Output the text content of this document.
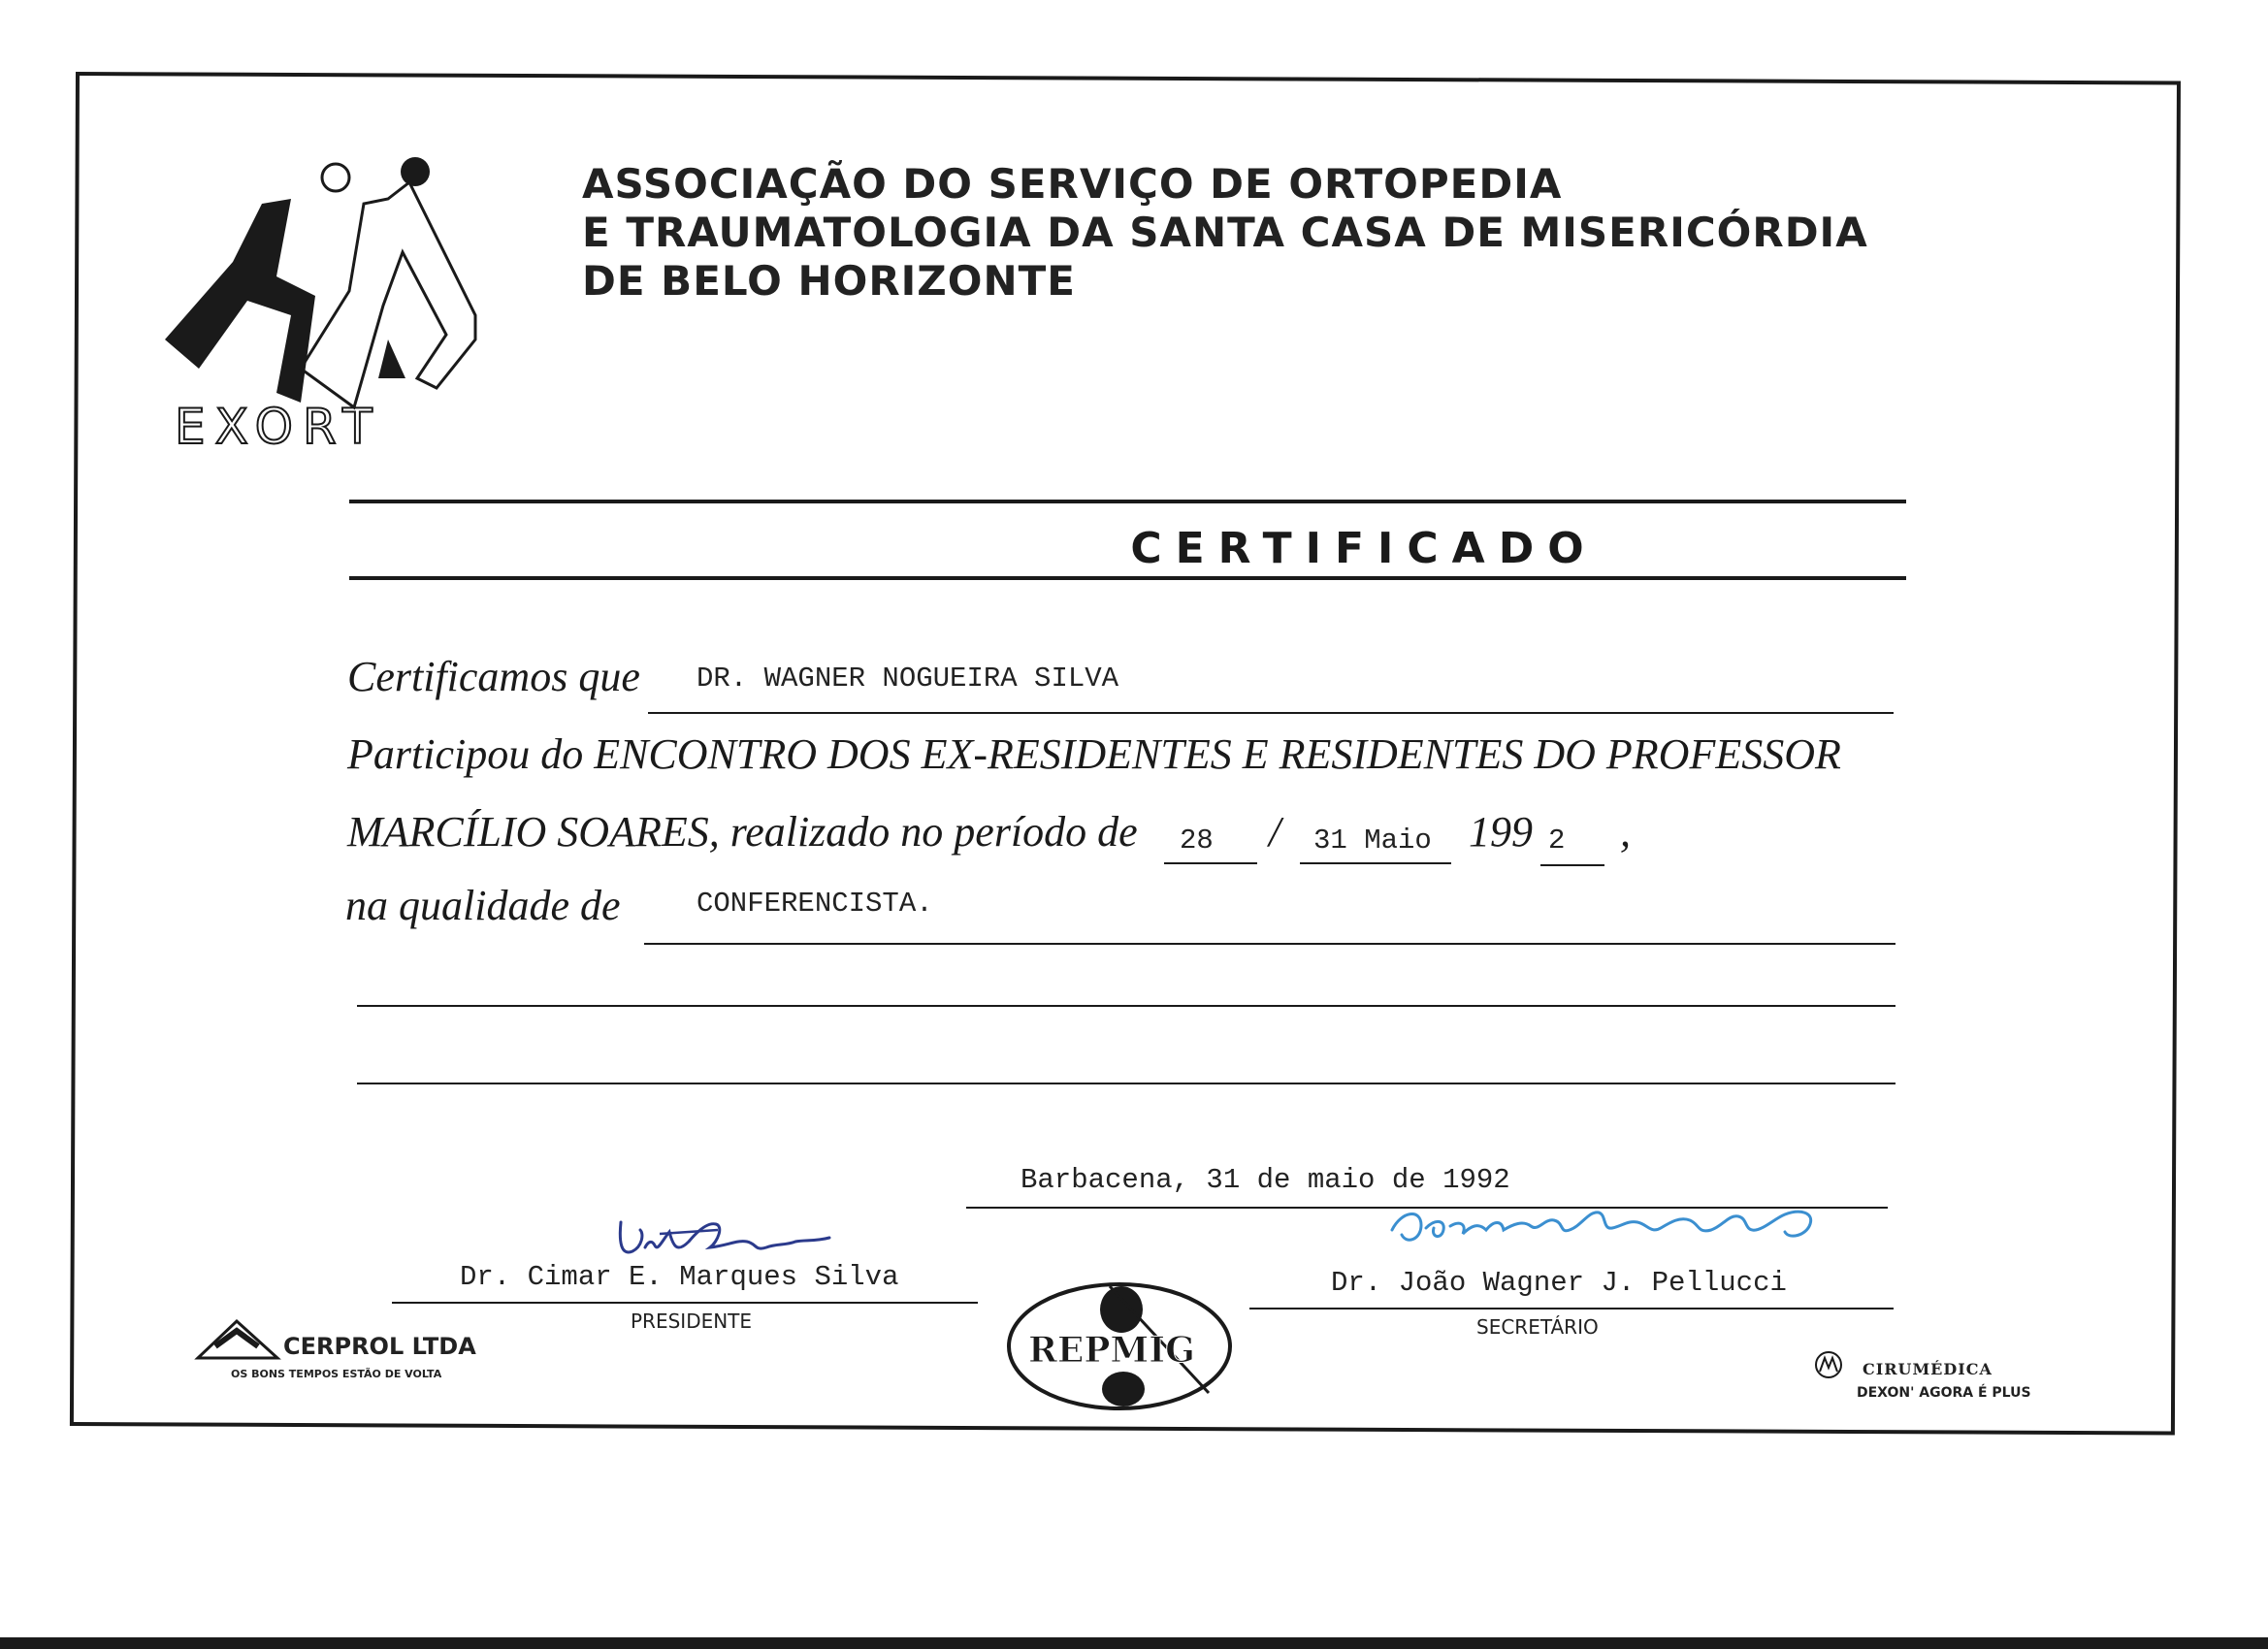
EXORT
ASSOCIAÇÃO DO SERVIÇO DE ORTOPEDIA
E TRAUMATOLOGIA DA SANTA CASA DE MISERICÓRDIA
DE BELO HORIZONTE
CERTIFICADO
Certificamos que DR. WAGNER NOGUEIRA SILVA
Participou do ENCONTRO DOS EX-RESIDENTES E RESIDENTES DO PROFESSOR
MARCÍLIO SOARES, realizado no período de 28 / 31 Maio 199 2 ,
na qualidade de	CONFERENCISTA.
Barbacena, 31 de maio de 1992
Dr. Cimar E. Marques Silva
PRESIDENTE
Dr. João Wagner J. Pellucci
SECRETÁRIO
CERPROL LTDA
OS BONS TEMPOS ESTÃO DE VOLTA
REPMIG	CIRUMÉDICA
DEXON' AGORA É PLUS
